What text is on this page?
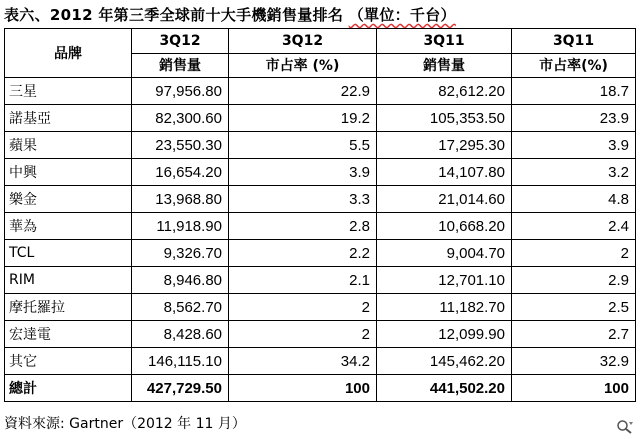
表六、2012 年第三季全球前十大手機銷售量排名 （單位：千台）
品牌	3Q12	3Q12	3Q11	3Q11
	銷售量	市占率 (%)	銷售量	市占率(%)
三星	97,956.80	22.9	82,612.20	18.7
諾基亞	82,300.60	19.2	105,353.50	23.9
蘋果	23,550.30	5.5	17,295.30	3.9
中興	16,654.20	3.9	14,107.80	3.2
樂金	13,968.80	3.3	21,014.60	4.8
華為	11,918.90	2.8	10,668.20	2.4
TCL	9,326.70	2.2	9,004.70	2
RIM	8,946.80	2.1	12,701.10	2.9
摩托羅拉	8,562.70	2	11,182.70	2.5
宏達電	8,428.60	2	12,099.90	2.7
其它	146,115.10	34.2	145,462.20	32.9
總計	427,729.50	100	441,502.20	100
資料來源: Gartner（2012 年 11 月）
